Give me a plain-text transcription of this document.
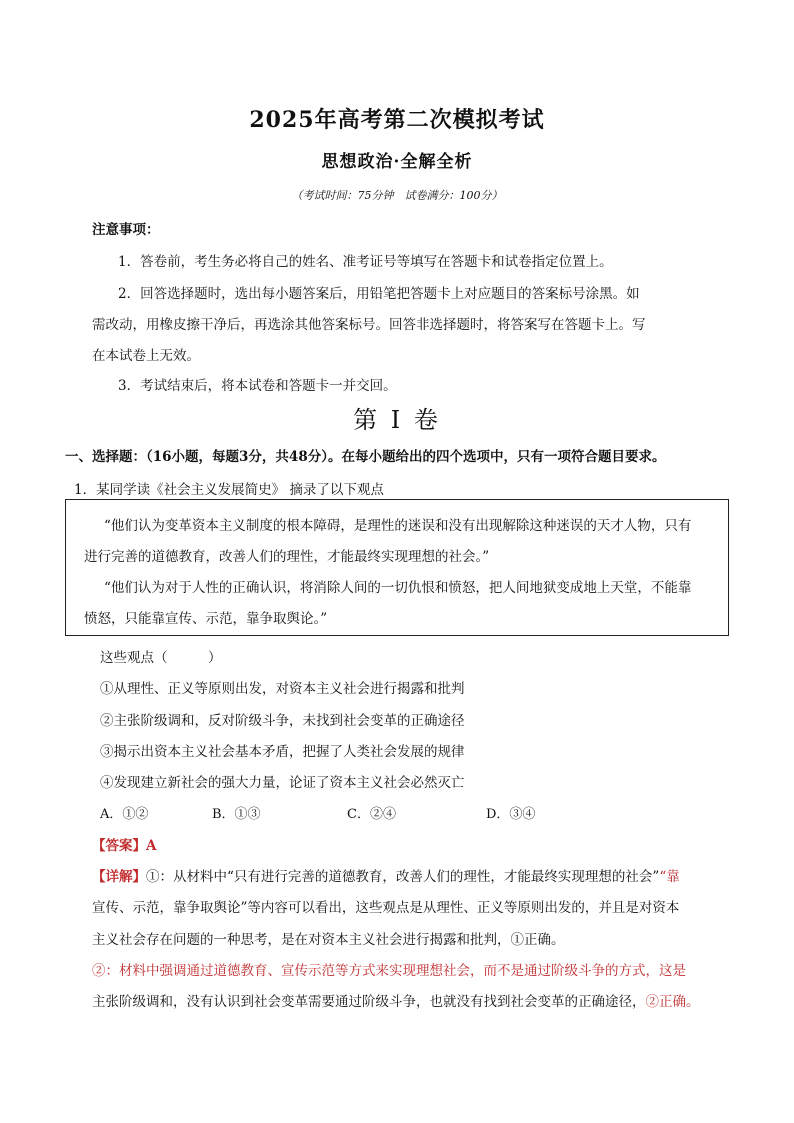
2025年高考第二次模拟考试
思想政治·全解全析
（考试时间：75分钟　试卷满分：100分）
注意事项：
1．答卷前，考生务必将自己的姓名、准考证号等填写在答题卡和试卷指定位置上。
2．回答选择题时，选出每小题答案后，用铅笔把答题卡上对应题目的答案标号涂黑。如
需改动，用橡皮擦干净后，再选涂其他答案标号。回答非选择题时，将答案写在答题卡上。写
在本试卷上无效。
3．考试结束后，将本试卷和答题卡一并交回。
第 I 卷
一、选择题：（16小题，每题3分，共48分）。在每小题给出的四个选项中，只有一项符合题目要求。
1．某同学读《社会主义发展简史》 摘录了以下观点
“他们认为变革资本主义制度的根本障碍，是理性的迷误和没有出现解除这种迷误的天才人物，只有
进行完善的道德教育，改善人们的理性，才能最终实现理想的社会。”
“他们认为对于人性的正确认识，将消除人间的一切仇恨和愤怒，把人间地狱变成地上天堂，不能靠
愤怒，只能靠宣传、示范，靠争取舆论。”
这些观点（　　　）
①从理性、正义等原则出发，对资本主义社会进行揭露和批判
②主张阶级调和，反对阶级斗争，未找到社会变革的正确途径
③揭示出资本主义社会基本矛盾，把握了人类社会发展的规律
④发现建立新社会的强大力量，论证了资本主义社会必然灭亡
A．①②	B．①③	C．②④	D．③④
【答案】A
【详解】①：从材料中“只有进行完善的道德教育，改善人们的理性，才能最终实现理想的社会”“靠
宣传、示范，靠争取舆论”等内容可以看出，这些观点是从理性、正义等原则出发的，并且是对资本
主义社会存在问题的一种思考，是在对资本主义社会进行揭露和批判，①正确。
②：材料中强调通过道德教育、宣传示范等方式来实现理想社会，而不是通过阶级斗争的方式，这是
主张阶级调和，没有认识到社会变革需要通过阶级斗争，也就没有找到社会变革的正确途径，②正确。
